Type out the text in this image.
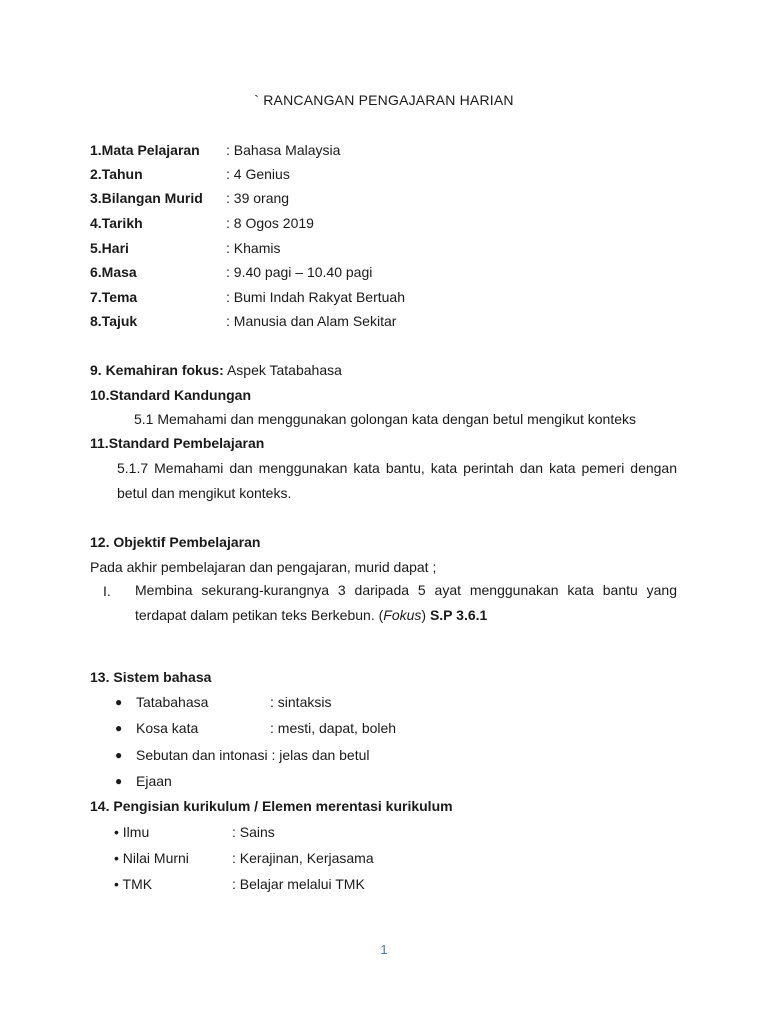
` RANCANGAN PENGAJARAN HARIAN
1.Mata Pelajaran : Bahasa Malaysia
2.Tahun	: 4 Genius
3.Bilangan Murid : 39 orang
4.Tarikh	: 8 Ogos 2019
5.Hari	: Khamis
6.Masa	: 9.40 pagi – 10.40 pagi
7.Tema	: Bumi Indah Rakyat Bertuah
8.Tajuk	: Manusia dan Alam Sekitar
9. Kemahiran fokus: Aspek Tatabahasa
10.Standard Kandungan
5.1 Memahami dan menggunakan golongan kata dengan betul mengikut konteks
11.Standard Pembelajaran
5.1.7 Memahami dan menggunakan kata bantu, kata perintah dan kata pemeri dengan betul dan mengikut konteks.
12. Objektif Pembelajaran
Pada akhir pembelajaran dan pengajaran, murid dapat ;
I. Membina sekurang-kurangnya 3 daripada 5 ayat menggunakan kata bantu yang terdapat dalam petikan teks Berkebun. (Fokus) S.P 3.6.1
13. Sistem bahasa
● Tatabahasa	: sintaksis
● Kosa kata	: mesti, dapat, boleh
● Sebutan dan intonasi : jelas dan betul
● Ejaan
14. Pengisian kurikulum / Elemen merentasi kurikulum
• Ilmu	: Sains
• Nilai Murni	: Kerajinan, Kerjasama
• TMK	: Belajar melalui TMK
1
